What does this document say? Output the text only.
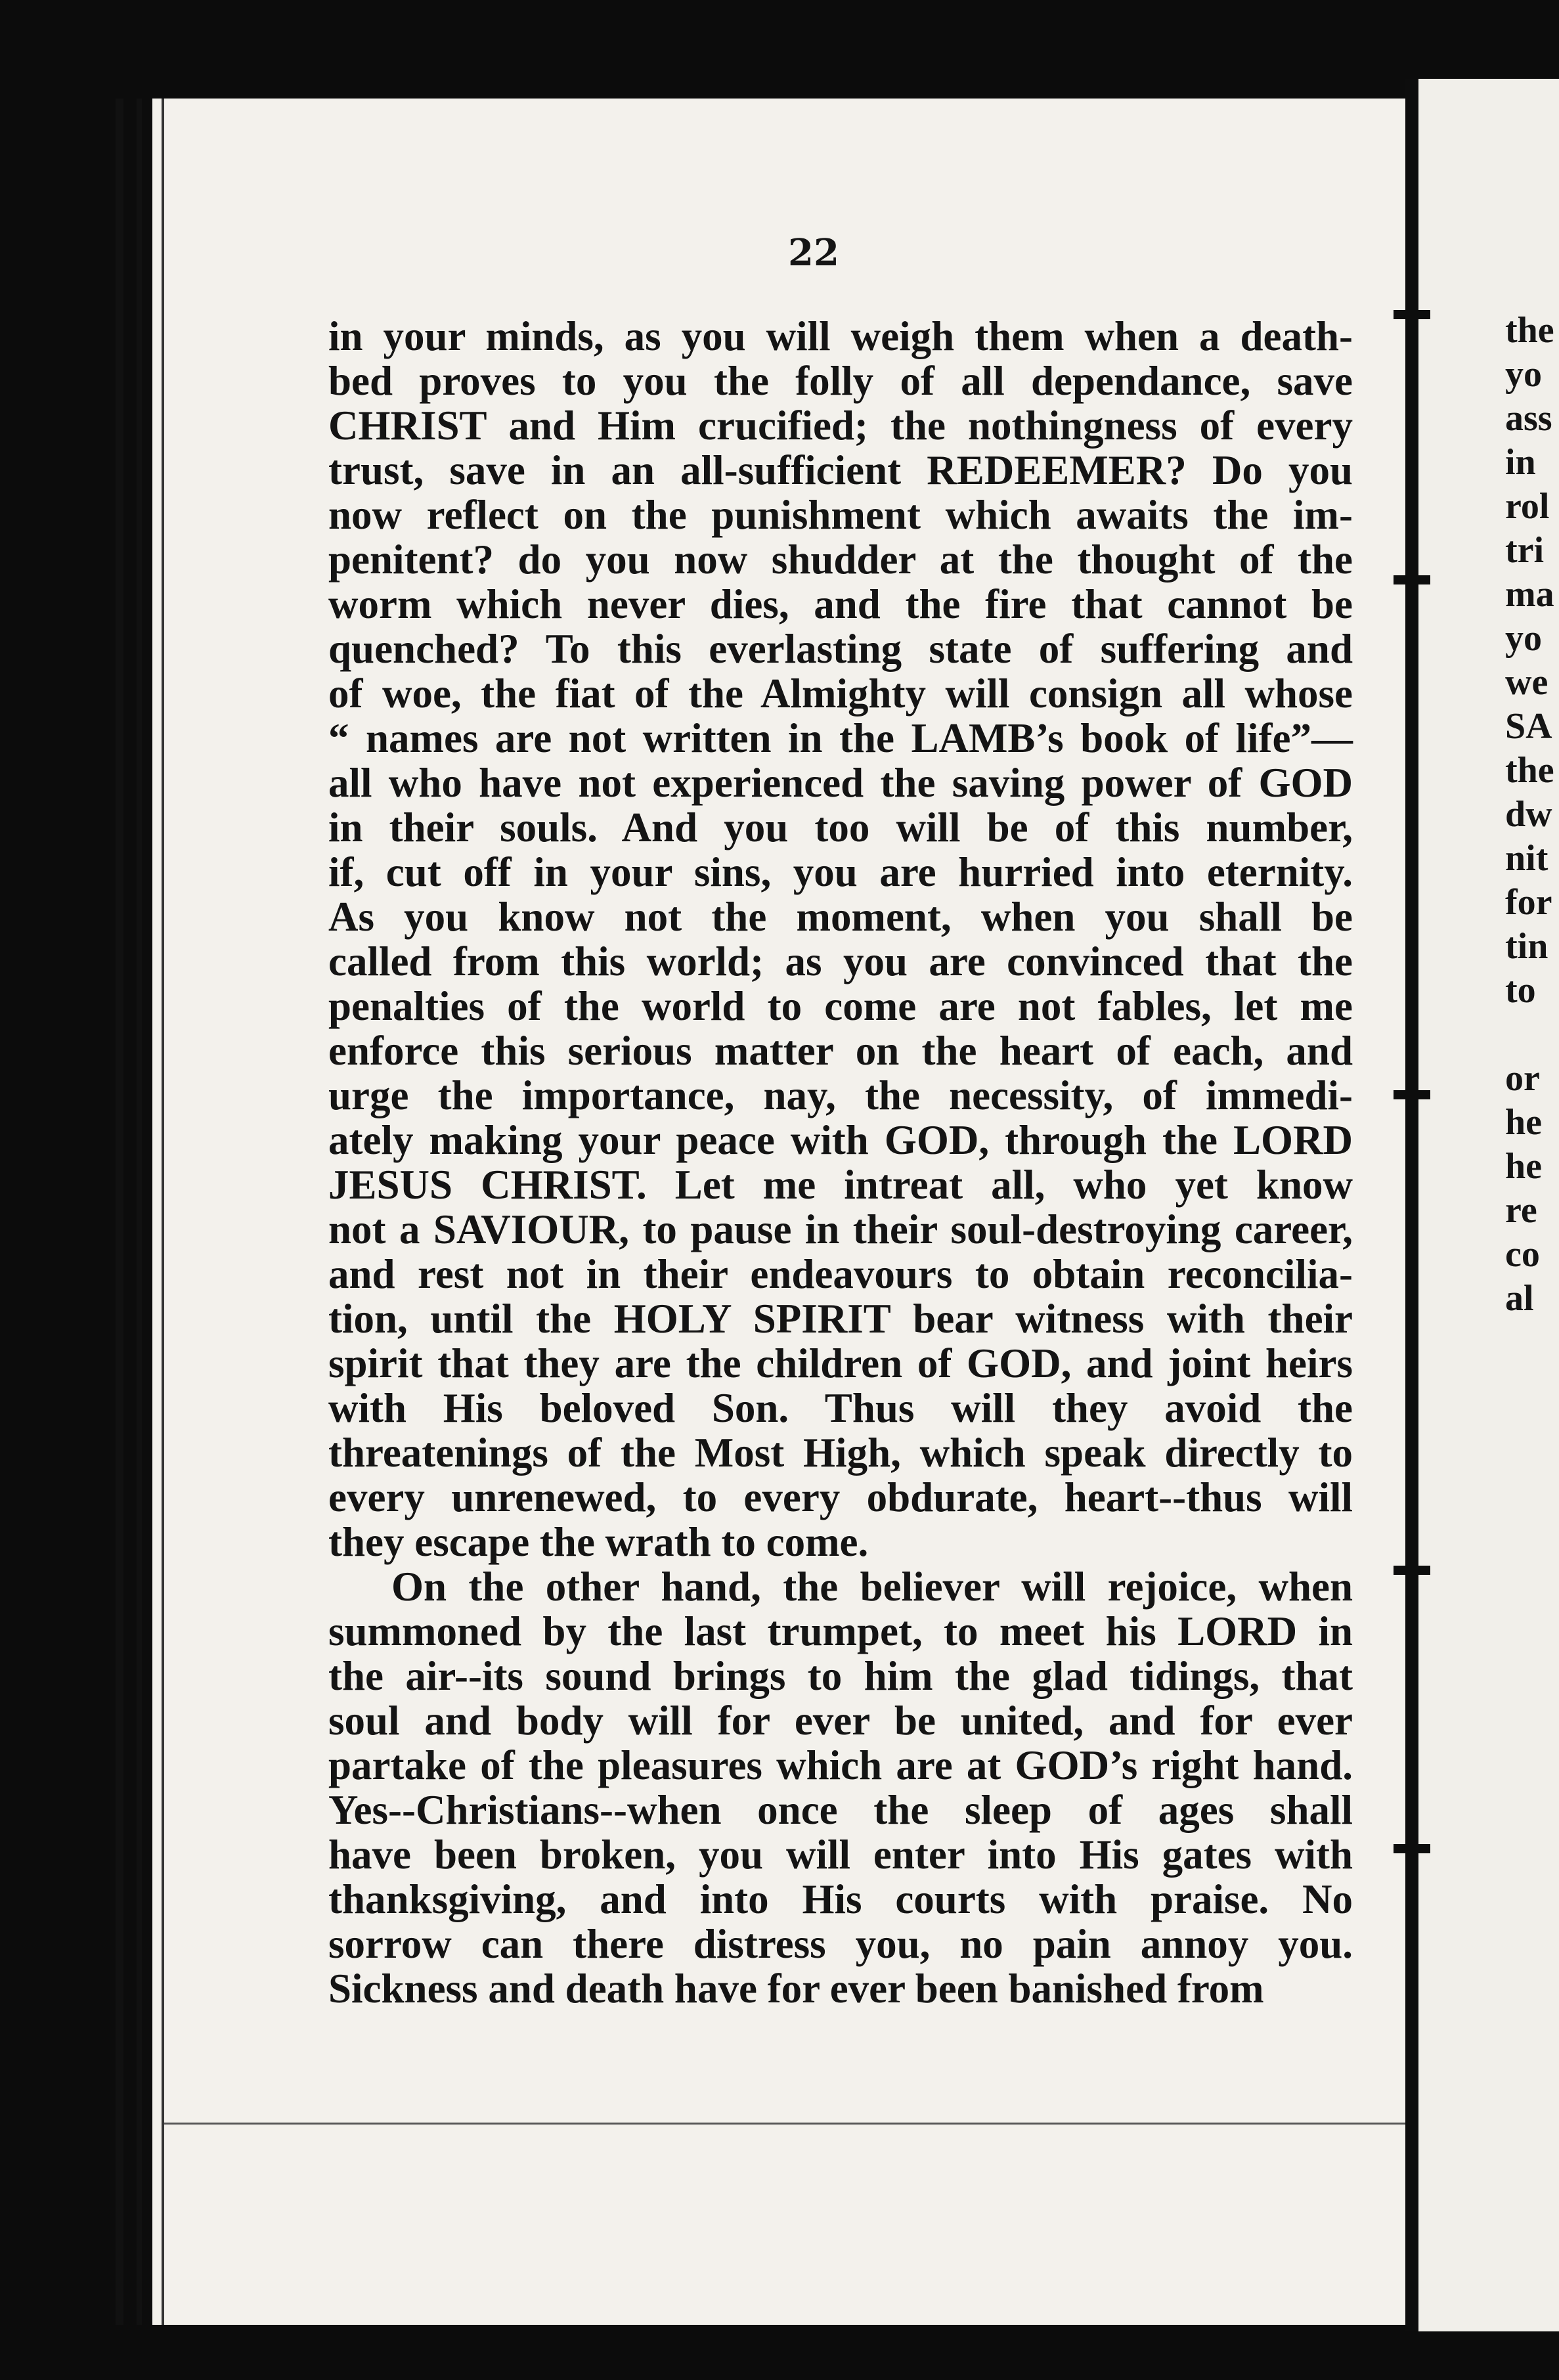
22
in your minds, as you will weigh them when a death-
bed proves to you the folly of all dependance, save
CHRIST and Him crucified; the nothingness of every
trust, save in an all-sufficient REDEEMER? Do you
now reflect on the punishment which awaits the im-
penitent? do you now shudder at the thought of the
worm which never dies, and the fire that cannot be
quenched? To this everlasting state of suffering and
of woe, the fiat of the Almighty will consign all whose
“ names are not written in the LAMB’s book of life”—
all who have not experienced the saving power of GOD
in their souls. And you too will be of this number,
if, cut off in your sins, you are hurried into eternity.
As you know not the moment, when you shall be
called from this world; as you are convinced that the
penalties of the world to come are not fables, let me
enforce this serious matter on the heart of each, and
urge the importance, nay, the necessity, of immedi-
ately making your peace with GOD, through the LORD
JESUS CHRIST. Let me intreat all, who yet know
not a SAVIOUR, to pause in their soul-destroying career,
and rest not in their endeavours to obtain reconcilia-
tion, until the HOLY SPIRIT bear witness with their
spirit that they are the children of GOD, and joint heirs
with His beloved Son. Thus will they avoid the
threatenings of the Most High, which speak directly to
every unrenewed, to every obdurate, heart--thus will
they escape the wrath to come.
On the other hand, the believer will rejoice, when
summoned by the last trumpet, to meet his LORD in
the air--its sound brings to him the glad tidings, that
soul and body will for ever be united, and for ever
partake of the pleasures which are at GOD’s right hand.
Yes--Christians--when once the sleep of ages shall
have been broken, you will enter into His gates with
thanksgiving, and into His courts with praise. No
sorrow can there distress you, no pain annoy you.
Sickness and death have for ever been banished from
the
yo
ass
in
rol
tri
ma
yo
we
SA
the
dw
nit
for
tin
to
or
he
he
re
co
al
